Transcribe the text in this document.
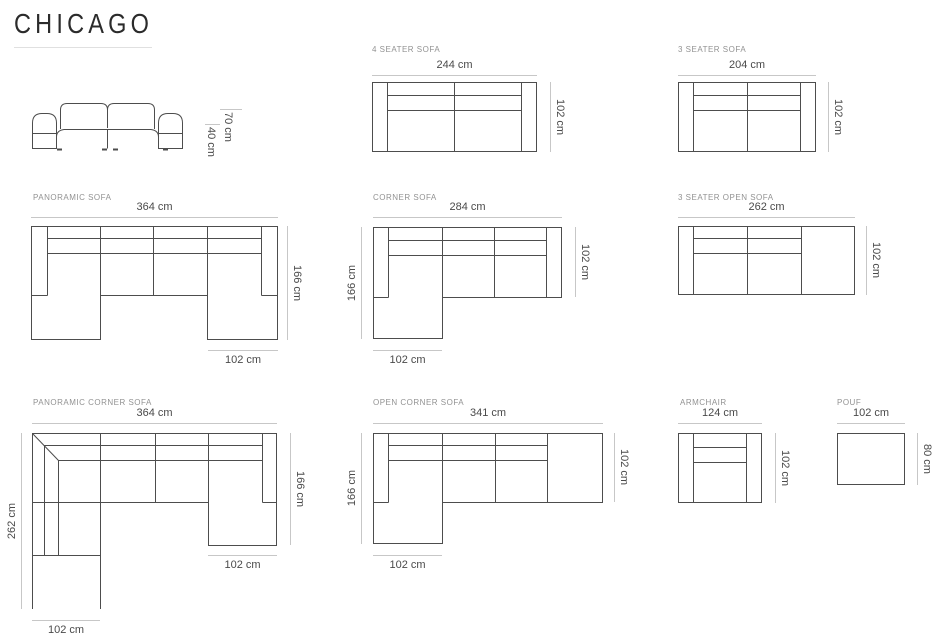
CHICAGO
70 cm
40 cm
4 SEATER SOFA
244 cm
102 cm
3 SEATER SOFA
204 cm
102 cm
PANORAMIC SOFA
364 cm
166 cm
102 cm
CORNER SOFA
284 cm
166 cm
102 cm
102 cm
3 SEATER OPEN SOFA
262 cm
102 cm
PANORAMIC CORNER SOFA
364 cm
262 cm
166 cm
102 cm
102 cm
OPEN CORNER SOFA
341 cm
166 cm
102 cm
102 cm
ARMCHAIR
124 cm
102 cm
POUF
102 cm
80 cm
